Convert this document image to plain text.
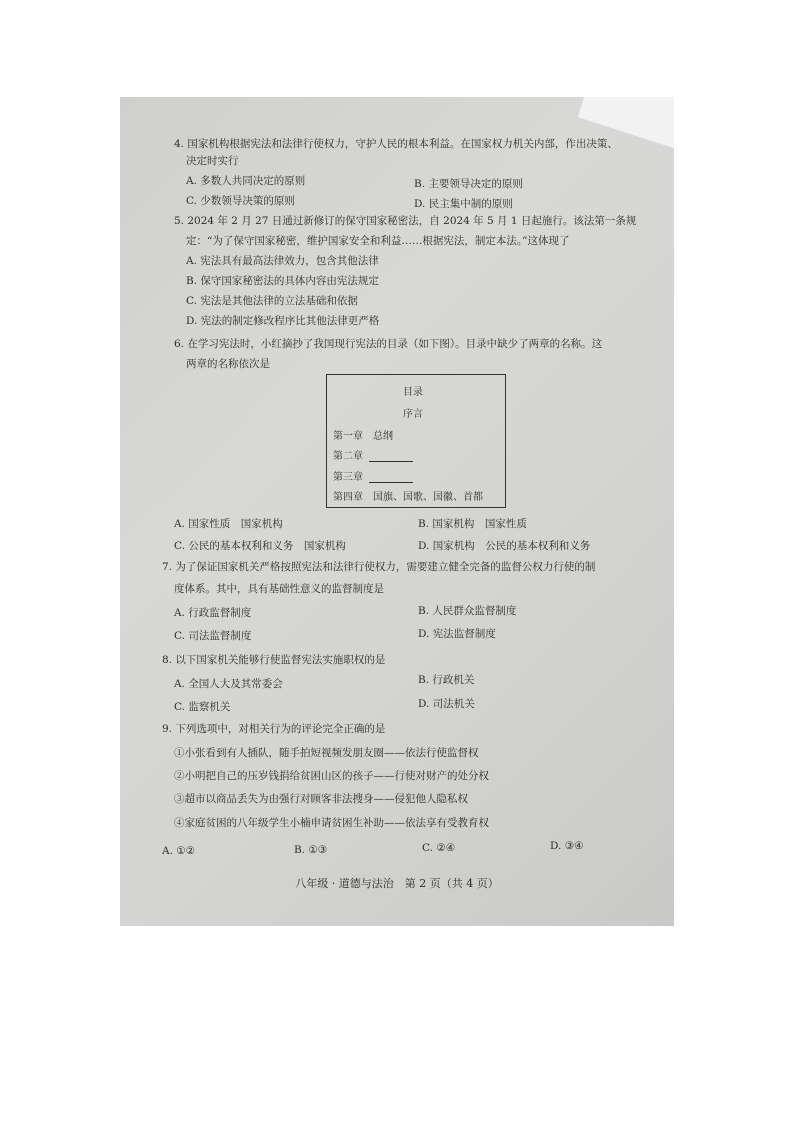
4. 国家机构根据宪法和法律行使权力，守护人民的根本利益。在国家权力机关内部，作出决策、
决定时实行
A. 多数人共同决定的原则	B. 主要领导决定的原则
C. 少数领导决策的原则	D. 民主集中制的原则
5. 2024 年 2 月 27 日通过新修订的保守国家秘密法，自 2024 年 5 月 1 日起施行。该法第一条规
定：“为了保守国家秘密，维护国家安全和利益……根据宪法，制定本法。”这体现了
A. 宪法具有最高法律效力，包含其他法律
B. 保守国家秘密法的具体内容由宪法规定
C. 宪法是其他法律的立法基础和依据
D. 宪法的制定修改程序比其他法律更严格
6. 在学习宪法时，小红摘抄了我国现行宪法的目录（如下图）。目录中缺少了两章的名称。这
两章的名称依次是
目录
序言
第一章　总纲
第二章
第三章
第四章　国旗、国歌、国徽、首都
A. 国家性质　国家机构	B. 国家机构　国家性质
C. 公民的基本权利和义务　国家机构	D. 国家机构　公民的基本权利和义务
7. 为了保证国家机关严格按照宪法和法律行使权力，需要建立健全完备的监督公权力行使的制
度体系。其中，具有基础性意义的监督制度是
A. 行政监督制度	B. 人民群众监督制度
C. 司法监督制度	D. 宪法监督制度
8. 以下国家机关能够行使监督宪法实施职权的是
A. 全国人大及其常委会	B. 行政机关
C. 监察机关	D. 司法机关
9. 下列选项中，对相关行为的评论完全正确的是
①小张看到有人插队，随手拍短视频发朋友圈——依法行使监督权
②小明把自己的压岁钱捐给贫困山区的孩子——行使对财产的处分权
③超市以商品丢失为由强行对顾客非法搜身——侵犯他人隐私权
④家庭贫困的八年级学生小楠申请贫困生补助——依法享有受教育权
A. ①②	B. ①③	C. ②④	D. ③④
八年级 · 道德与法治　第 2 页（共 4 页）
